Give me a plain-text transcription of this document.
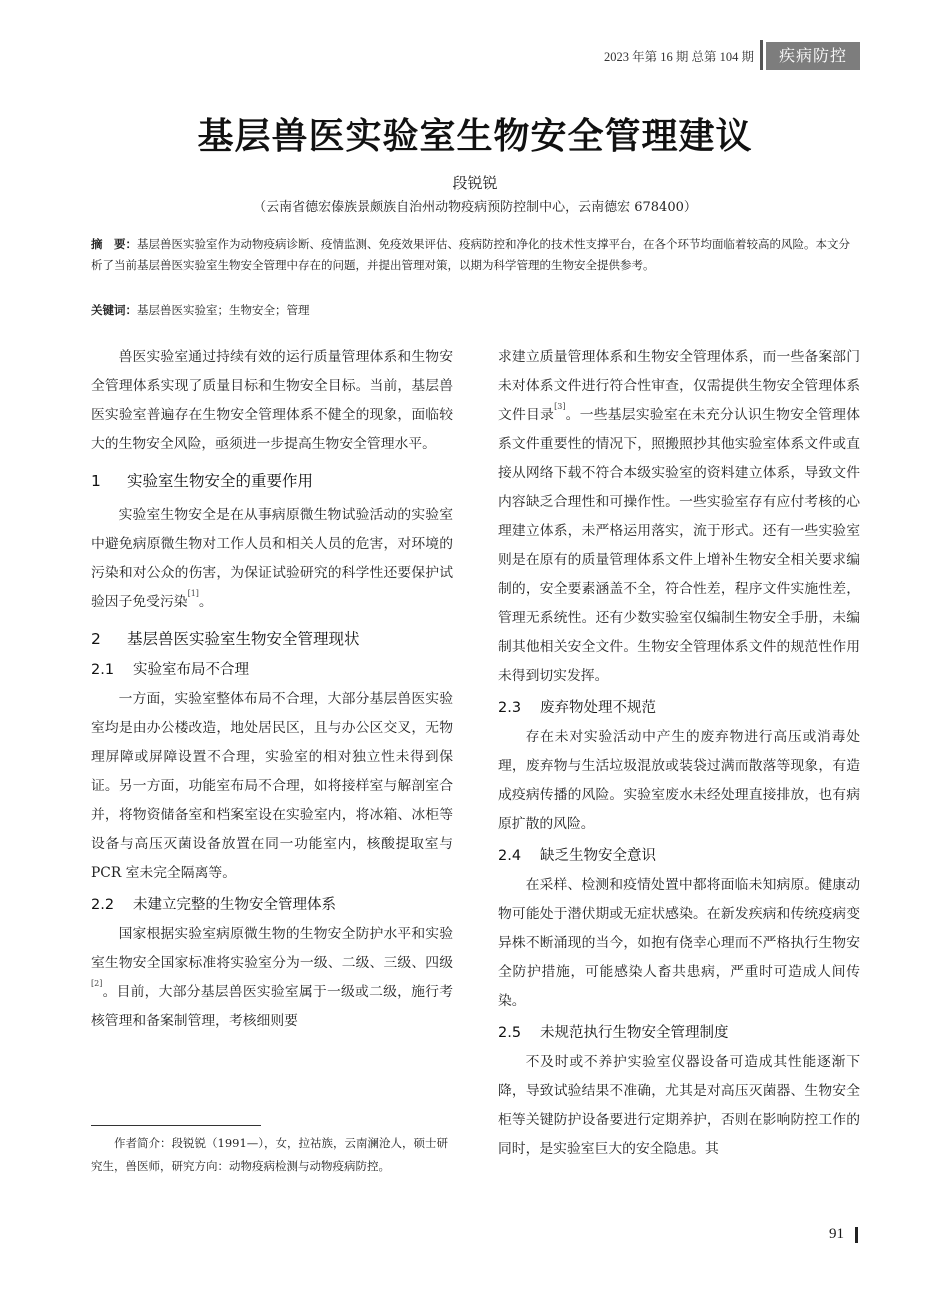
2023 年第 16 期 总第 104 期	疾病防控
基层兽医实验室生物安全管理建议

段锐锐

（云南省德宏傣族景颇族自治州动物疫病预防控制中心，云南德宏 678400）

摘　要：基层兽医实验室作为动物疫病诊断、疫情监测、免疫效果评估、疫病防控和净化的技术性支撑平台，在各个环节均面临着较高的风险。本文分析了当前基层兽医实验室生物安全管理中存在的问题，并提出管理对策，以期为科学管理的生物安全提供参考。

关键词：基层兽医实验室；生物安全；管理

兽医实验室通过持续有效的运行质量管理体系和生物安全管理体系实现了质量目标和生物安全目标。当前，基层兽医实验室普遍存在生物安全管理体系不健全的现象，面临较大的生物安全风险，亟须进一步提高生物安全管理水平。

1 实验室生物安全的重要作用

实验室生物安全是在从事病原微生物试验活动的实验室中避免病原微生物对工作人员和相关人员的危害，对环境的污染和对公众的伤害，为保证试验研究的科学性还要保护试验因子免受污染[1]。

2 基层兽医实验室生物安全管理现状
2.1 实验室布局不合理

一方面，实验室整体布局不合理，大部分基层兽医实验室均是由办公楼改造，地处居民区，且与办公区交叉，无物理屏障或屏障设置不合理，实验室的相对独立性未得到保证。另一方面，功能室布局不合理，如将接样室与解剖室合并，将物资储备室和档案室设在实验室内，将冰箱、冰柜等设备与高压灭菌设备放置在同一功能室内，核酸提取室与 PCR 室未完全隔离等。

2.2 未建立完整的生物安全管理体系

国家根据实验室病原微生物的生物安全防护水平和实验室生物安全国家标准将实验室分为一级、二级、三级、四级[2]。目前，大部分基层兽医实验室属于一级或二级，施行考核管理和备案制管理，考核细则要

作者简介：段锐锐（1991—），女，拉祜族，云南澜沧人，硕士研究生，兽医师，研究方向：动物疫病检测与动物疫病防控。

求建立质量管理体系和生物安全管理体系，而一些备案部门未对体系文件进行符合性审查，仅需提供生物安全管理体系文件目录[3]。一些基层实验室在未充分认识生物安全管理体系文件重要性的情况下，照搬照抄其他实验室体系文件或直接从网络下载不符合本级实验室的资料建立体系，导致文件内容缺乏合理性和可操作性。一些实验室存有应付考核的心理建立体系，未严格运用落实，流于形式。还有一些实验室则是在原有的质量管理体系文件上增补生物安全相关要求编制的，安全要素涵盖不全，符合性差，程序文件实施性差，管理无系统性。还有少数实验室仅编制生物安全手册，未编制其他相关安全文件。生物安全管理体系文件的规范性作用未得到切实发挥。

2.3 废弃物处理不规范

存在未对实验活动中产生的废弃物进行高压或消毒处理，废弃物与生活垃圾混放或装袋过满而散落等现象，有造成疫病传播的风险。实验室废水未经处理直接排放，也有病原扩散的风险。

2.4 缺乏生物安全意识

在采样、检测和疫情处置中都将面临未知病原。健康动物可能处于潜伏期或无症状感染。在新发疾病和传统疫病变异株不断涌现的当今，如抱有侥幸心理而不严格执行生物安全防护措施，可能感染人畜共患病，严重时可造成人间传染。

2.5 未规范执行生物安全管理制度

不及时或不养护实验室仪器设备可造成其性能逐渐下降，导致试验结果不准确，尤其是对高压灭菌器、生物安全柜等关键防护设备要进行定期养护，否则在影响防控工作的同时，是实验室巨大的安全隐患。其

91
